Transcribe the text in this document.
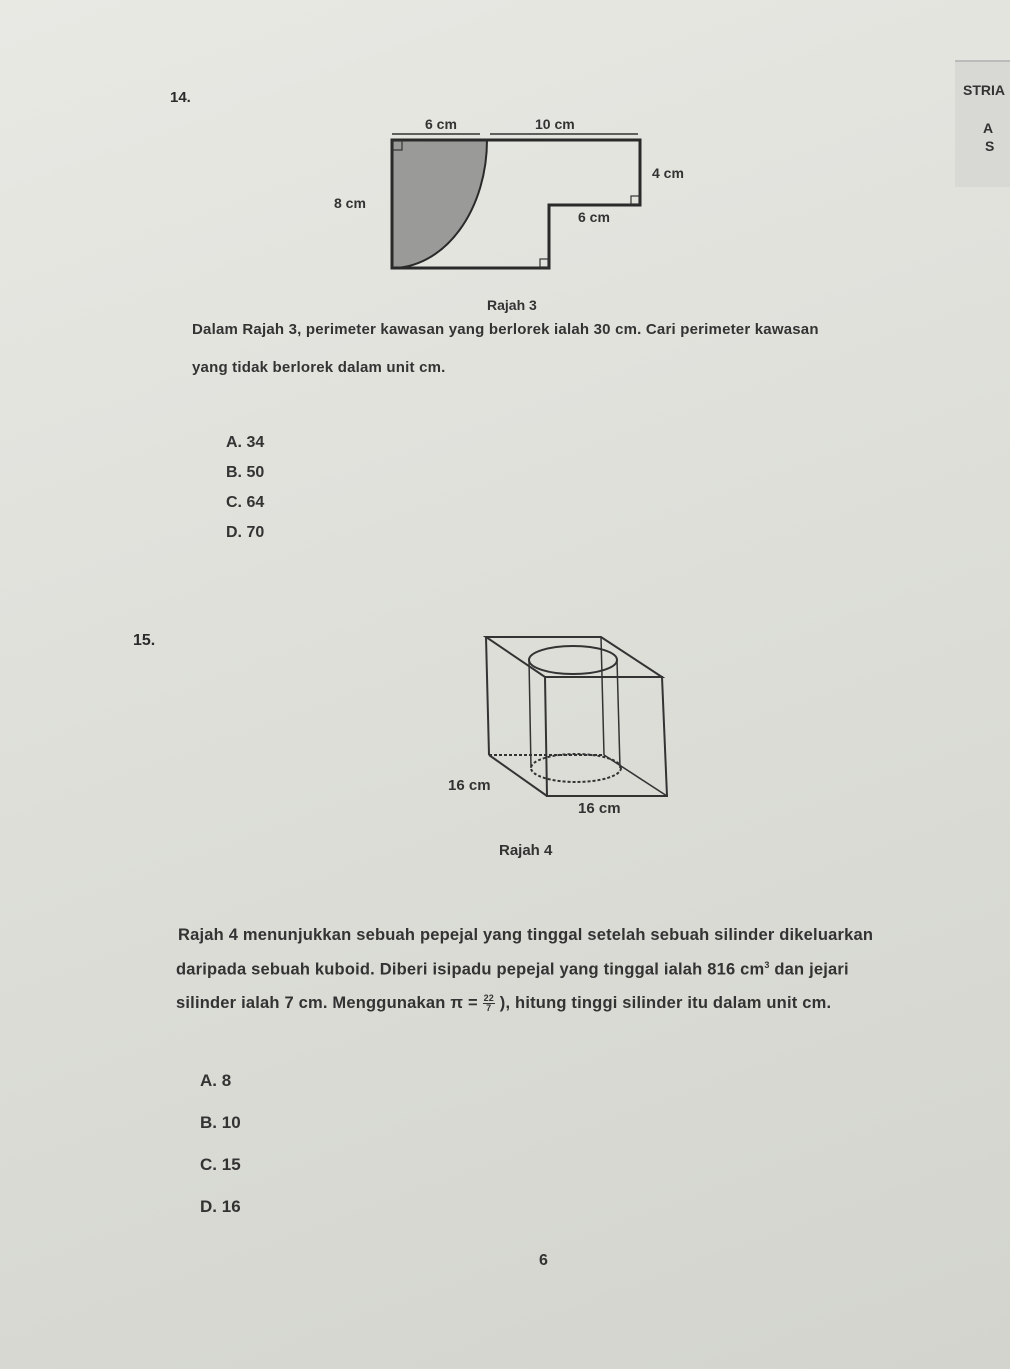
STRIA
A
S
14.
6 cm	10 cm
8 cm
4 cm
6 cm
Rajah 3
Dalam Rajah 3, perimeter kawasan yang berlorek ialah 30 cm. Cari perimeter kawasan
yang tidak berlorek dalam unit cm.
A. 34
B. 50
C. 64
D. 70
15.
16 cm
16 cm
Rajah 4
Rajah 4 menunjukkan sebuah pepejal yang tinggal setelah sebuah silinder dikeluarkan
daripada sebuah kuboid. Diberi isipadu pepejal yang tinggal ialah 816 $cm^3$ dan jejari
silinder ialah 7 cm. Menggunakan $\pi = \frac{22}{7}$ ), hitung tinggi silinder itu dalam unit cm.
A. 8
B. 10
C. 15
D. 16
6
